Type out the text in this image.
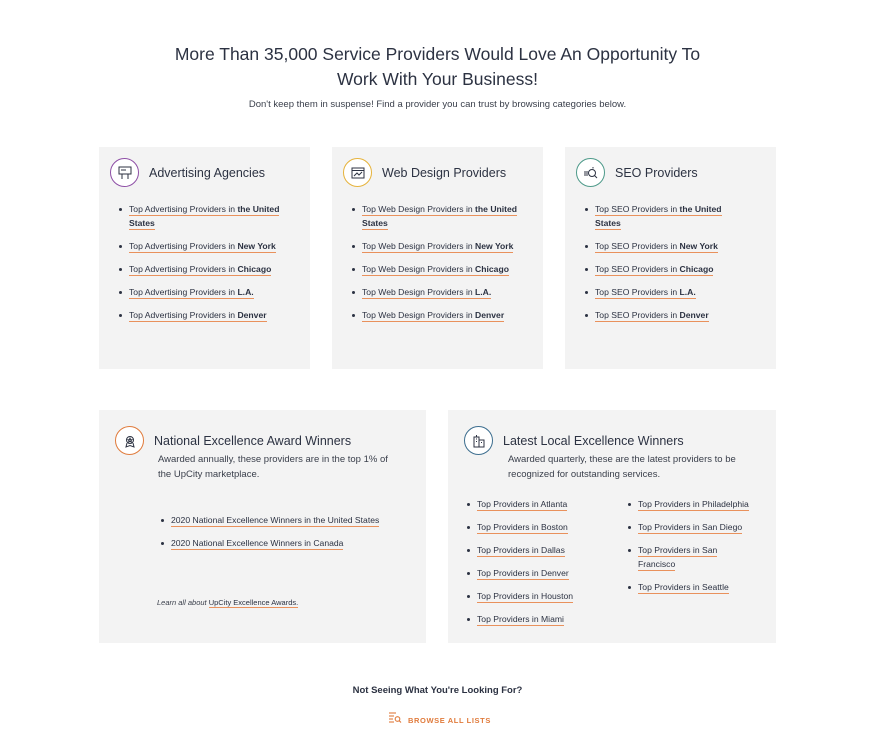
More Than 35,000 Service Providers Would Love An Opportunity To
Work With Your Business!

Don't keep them in suspense! Find a provider you can trust by browsing categories below.

Advertising Agencies
Top Advertising Providers in the United States
Top Advertising Providers in New York
Top Advertising Providers in Chicago
Top Advertising Providers in L.A.
Top Advertising Providers in Denver
Web Design Providers
Top Web Design Providers in the United States
Top Web Design Providers in New York
Top Web Design Providers in Chicago
Top Web Design Providers in L.A.
Top Web Design Providers in Denver
SEO Providers
Top SEO Providers in the United States
Top SEO Providers in New York
Top SEO Providers in Chicago
Top SEO Providers in L.A.
Top SEO Providers in Denver
National Excellence Award Winners

Awarded annually, these providers are in the top 1% of the UpCity marketplace.

2020 National Excellence Winners in the United States
2020 National Excellence Winners in Canada

Learn all about UpCity Excellence Awards.

Latest Local Excellence Winners

Awarded quarterly, these are the latest providers to be recognized for outstanding services.

Top Providers in Atlanta
Top Providers in Boston
Top Providers in Dallas
Top Providers in Denver
Top Providers in Houston
Top Providers in Miami
Top Providers in Philadelphia
Top Providers in San Diego
Top Providers in San Francisco
Top Providers in Seattle

Not Seeing What You're Looking For?

BROWSE ALL LISTS
